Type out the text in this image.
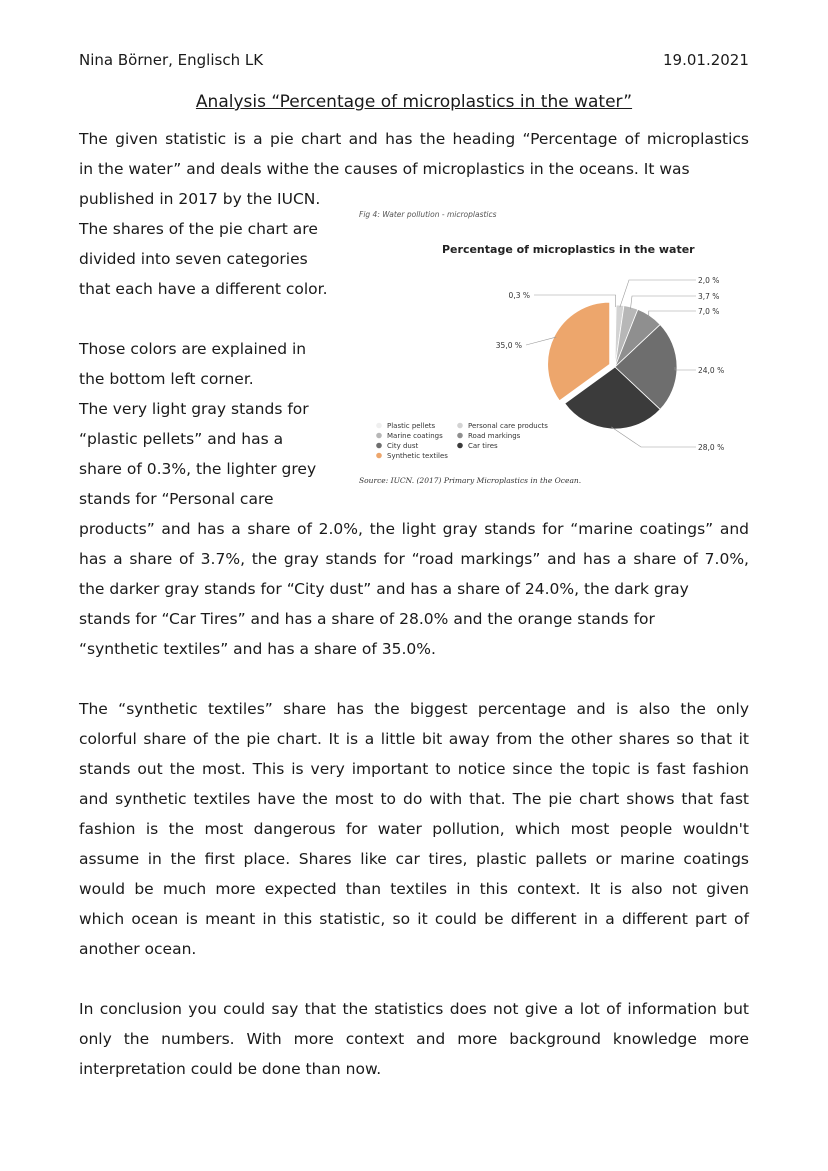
Nina Börner, Englisch LK	19.01.2021
Analysis “Percentage of microplastics in the water”
The given statistic is a pie chart and has the heading “Percentage of microplastics
in the water” and deals withe the causes of microplastics in the oceans. It was
published in 2017 by the IUCN.
The shares of the pie chart are
divided into seven categories
that each have a different color.
Those colors are explained in
the bottom left corner.
The very light gray stands for
“plastic pellets” and has a
share of 0.3%, the lighter grey
stands for “Personal care
products” and has a share of 2.0%, the light gray stands for “marine coatings” and
has a share of 3.7%, the gray stands for “road markings” and has a share of 7.0%,
the darker gray stands for “City dust” and has a share of 24.0%, the dark gray
stands for “Car Tires” and has a share of 28.0% and the orange stands for
“synthetic textiles” and has a share of 35.0%.
The “synthetic textiles” share has the biggest percentage and is also the only
colorful share of the pie chart. It is a little bit away from the other shares so that it
stands out the most. This is very important to notice since the topic is fast fashion
and synthetic textiles have the most to do with that. The pie chart shows that fast
fashion is the most dangerous for water pollution, which most people wouldn't
assume in the first place. Shares like car tires, plastic pallets or marine coatings
would be much more expected than textiles in this context. It is also not given
which ocean is meant in this statistic, so it could be different in a different part of
another ocean.
In conclusion you could say that the statistics does not give a lot of information but
only the numbers. With more context and more background knowledge more
interpretation could be done than now.
Fig 4: Water pollution - microplastics
Percentage of microplastics in the water
0,3 %
2,0 %
3,7 %
7,0 %
24,0 %
28,0 %
35,0 %
Plastic pellets
Marine coatings
City dust
Synthetic textiles
Personal care products
Road markings
Car tires
Source: IUCN. (2017) Primary Microplastics in the Ocean.
